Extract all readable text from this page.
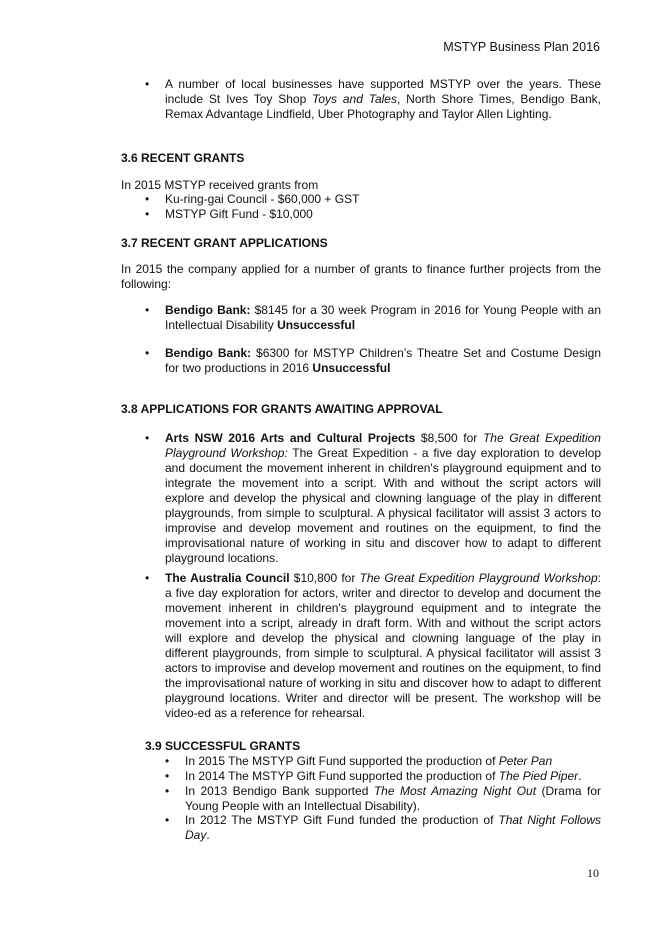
MSTYP Business Plan 2016
• A number of local businesses have supported MSTYP over the years. These include St Ives Toy Shop Toys and Tales, North Shore Times, Bendigo Bank, Remax Advantage Lindfield, Uber Photography and Taylor Allen Lighting.
3.6 RECENT GRANTS
In 2015 MSTYP received grants from
• Ku-ring-gai Council - $60,000 + GST
• MSTYP Gift Fund - $10,000
3.7 RECENT GRANT APPLICATIONS
In 2015 the company applied for a number of grants to finance further projects from the following:
• Bendigo Bank: $8145 for a 30 week Program in 2016 for Young People with an Intellectual Disability Unsuccessful
• Bendigo Bank: $6300 for MSTYP Children’s Theatre Set and Costume Design for two productions in 2016 Unsuccessful
3.8 APPLICATIONS FOR GRANTS AWAITING APPROVAL
• Arts NSW 2016 Arts and Cultural Projects $8,500 for The Great Expedition Playground Workshop: The Great Expedition - a five day exploration to develop and document the movement inherent in children's playground equipment and to integrate the movement into a script. With and without the script actors will explore and develop the physical and clowning language of the play in different playgrounds, from simple to sculptural. A physical facilitator will assist 3 actors to improvise and develop movement and routines on the equipment, to find the improvisational nature of working in situ and discover how to adapt to different playground locations.
• The Australia Council $10,800 for The Great Expedition Playground Workshop: a five day exploration for actors, writer and director to develop and document the movement inherent in children's playground equipment and to integrate the movement into a script, already in draft form. With and without the script actors will explore and develop the physical and clowning language of the play in different playgrounds, from simple to sculptural. A physical facilitator will assist 3 actors to improvise and develop movement and routines on the equipment, to find the improvisational nature of working in situ and discover how to adapt to different playground locations. Writer and director will be present. The workshop will be video-ed as a reference for rehearsal.
3.9 SUCCESSFUL GRANTS
• In 2015 The MSTYP Gift Fund supported the production of Peter Pan
• In 2014 The MSTYP Gift Fund supported the production of The Pied Piper.
• In 2013 Bendigo Bank supported The Most Amazing Night Out (Drama for Young People with an Intellectual Disability).
• In 2012 The MSTYP Gift Fund funded the production of That Night Follows Day.
10
